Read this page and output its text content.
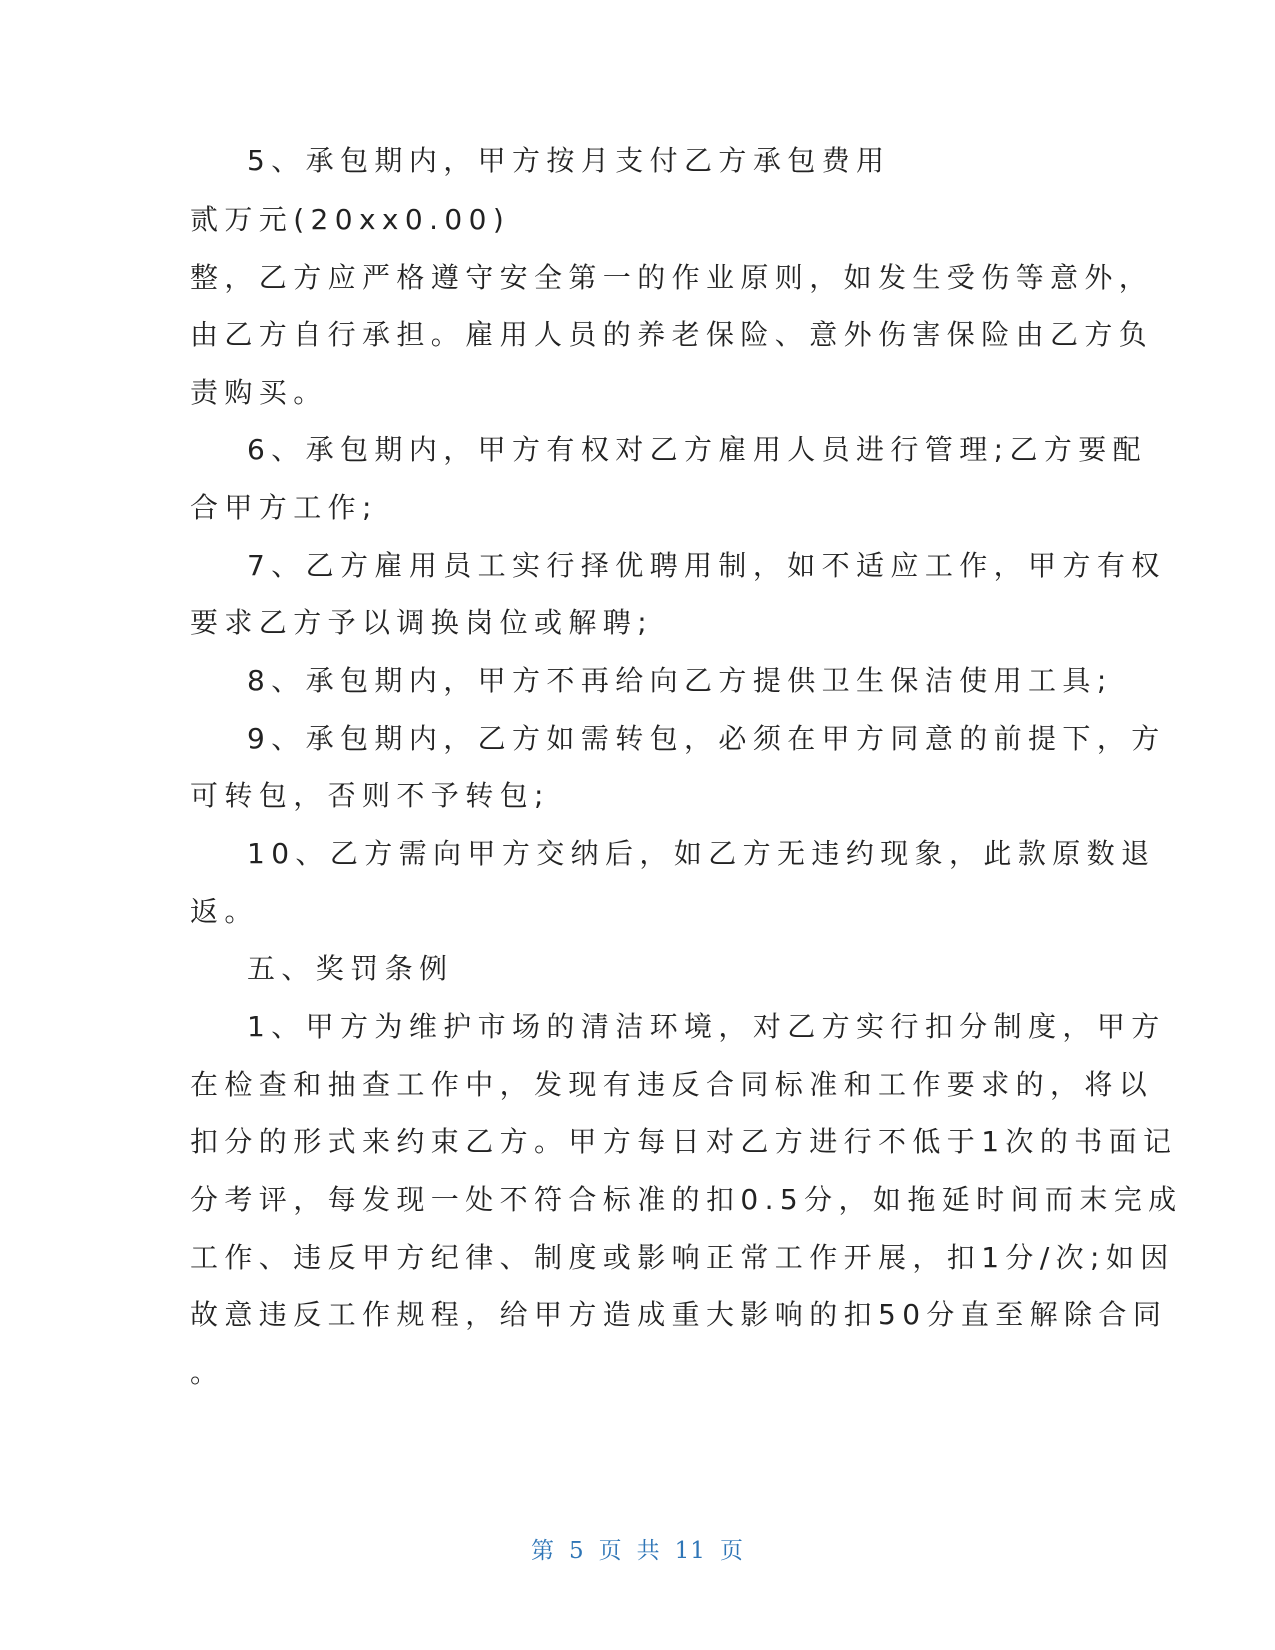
5、承包期内，甲方按月支付乙方承包费用
贰万元(20xx0.00)
整，乙方应严格遵守安全第一的作业原则，如发生受伤等意外，
由乙方自行承担。雇用人员的养老保险、意外伤害保险由乙方负
责购买。
6、承包期内，甲方有权对乙方雇用人员进行管理;乙方要配
合甲方工作;
7、乙方雇用员工实行择优聘用制，如不适应工作，甲方有权
要求乙方予以调换岗位或解聘;
8、承包期内，甲方不再给向乙方提供卫生保洁使用工具;
9、承包期内，乙方如需转包，必须在甲方同意的前提下，方
可转包，否则不予转包;
10、乙方需向甲方交纳后，如乙方无违约现象，此款原数退
返。
五、奖罚条例
1、甲方为维护市场的清洁环境，对乙方实行扣分制度，甲方
在检查和抽查工作中，发现有违反合同标准和工作要求的，将以
扣分的形式来约束乙方。甲方每日对乙方进行不低于1次的书面记
分考评，每发现一处不符合标准的扣0.5分，如拖延时间而末完成
工作、违反甲方纪律、制度或影响正常工作开展，扣1分/次;如因
故意违反工作规程，给甲方造成重大影响的扣50分直至解除合同
。
第 5 页 共 11 页
